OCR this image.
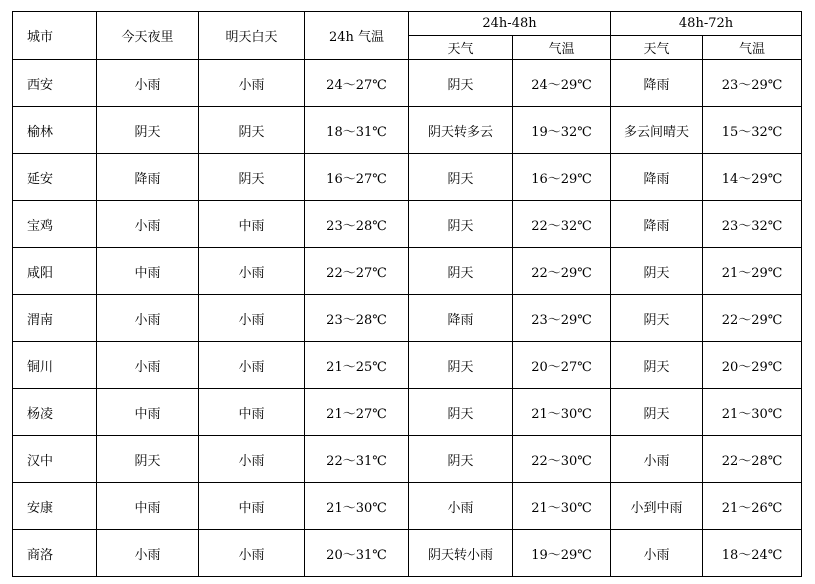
城市	今天夜里	明天白天	24h 气温	24h-48h		48h-72h	
				天气	气温	天气	气温
西安	小雨	小雨	24～27℃	阴天	24～29℃	降雨	23～29℃
榆林	阴天	阴天	18～31℃	阴天转多云	19～32℃	多云间晴天	15～32℃
延安	降雨	阴天	16～27℃	阴天	16～29℃	降雨	14～29℃
宝鸡	小雨	中雨	23～28℃	阴天	22～32℃	降雨	23～32℃
咸阳	中雨	小雨	22～27℃	阴天	22～29℃	阴天	21～29℃
渭南	小雨	小雨	23～28℃	降雨	23～29℃	阴天	22～29℃
铜川	小雨	小雨	21～25℃	阴天	20～27℃	阴天	20～29℃
杨凌	中雨	中雨	21～27℃	阴天	21～30℃	阴天	21～30℃
汉中	阴天	小雨	22～31℃	阴天	22～30℃	小雨	22～28℃
安康	中雨	中雨	21～30℃	小雨	21～30℃	小到中雨	21～26℃
商洛	小雨	小雨	20～31℃	阴天转小雨	19～29℃	小雨	18～24℃
